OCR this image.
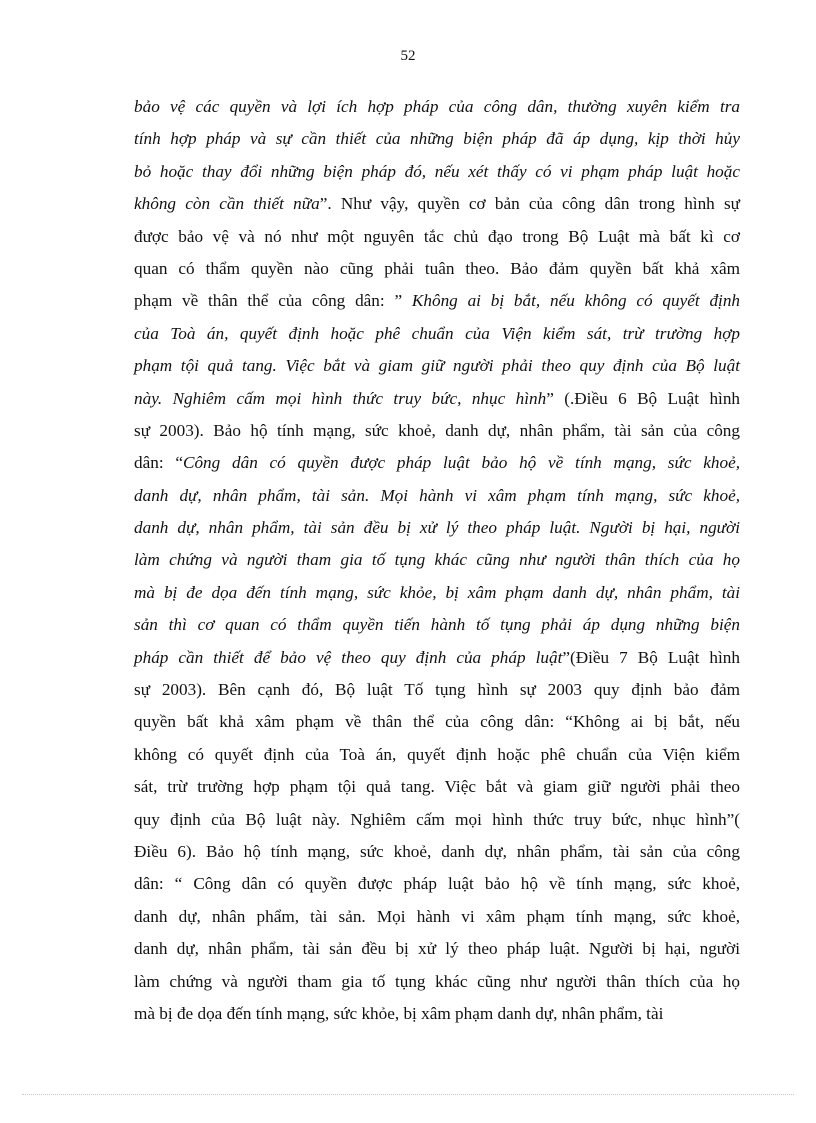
52
bảo vệ các quyền và lợi ích hợp pháp của công dân, thường xuyên kiểm tra
tính hợp pháp và sự cần thiết của những biện pháp đã áp dụng, kịp thời hủy
bỏ hoặc thay đổi những biện pháp đó, nếu xét thấy có vi phạm pháp luật hoặc
không còn cần thiết nữa”. Như vậy, quyền cơ bản của công dân trong hình sự
được bảo vệ và nó như một nguyên tắc chủ đạo trong Bộ Luật mà bất kì cơ
quan có thẩm quyền nào cũng phải tuân theo. Bảo đảm quyền bất khả xâm
phạm về thân thể của công dân: ” Không ai bị bắt, nếu không có quyết định
của Toà án, quyết định hoặc phê chuẩn của Viện kiểm sát, trừ trường hợp
phạm tội quả tang. Việc bắt và giam giữ người phải theo quy định của Bộ luật
này. Nghiêm cấm mọi hình thức truy bức, nhục hình” (.Điều 6 Bộ Luật hình
sự 2003). Bảo hộ tính mạng, sức khoẻ, danh dự, nhân phẩm, tài sản của công
dân: “Công dân có quyền được pháp luật bảo hộ về tính mạng, sức khoẻ,
danh dự, nhân phẩm, tài sản. Mọi hành vi xâm phạm tính mạng, sức khoẻ,
danh dự, nhân phẩm, tài sản đều bị xử lý theo pháp luật. Người bị hại, người
làm chứng và người tham gia tố tụng khác cũng như người thân thích của họ
mà bị đe dọa đến tính mạng, sức khỏe, bị xâm phạm danh dự, nhân phẩm, tài
sản thì cơ quan có thẩm quyền tiến hành tố tụng phải áp dụng những biện
pháp cần thiết để bảo vệ theo quy định của pháp luật”(Điều 7 Bộ Luật hình
sự 2003). Bên cạnh đó, Bộ luật Tố tụng hình sự 2003 quy định bảo đảm
quyền bất khả xâm phạm về thân thể của công dân: “Không ai bị bắt, nếu
không có quyết định của Toà án, quyết định hoặc phê chuẩn của Viện kiểm
sát, trừ trường hợp phạm tội quả tang. Việc bắt và giam giữ người phải theo
quy định của Bộ luật này. Nghiêm cấm mọi hình thức truy bức, nhục hình”(
Điều 6). Bảo hộ tính mạng, sức khoẻ, danh dự, nhân phẩm, tài sản của công
dân: “ Công dân có quyền được pháp luật bảo hộ về tính mạng, sức khoẻ,
danh dự, nhân phẩm, tài sản. Mọi hành vi xâm phạm tính mạng, sức khoẻ,
danh dự, nhân phẩm, tài sản đều bị xử lý theo pháp luật. Người bị hại, người
làm chứng và người tham gia tố tụng khác cũng như người thân thích của họ
mà bị đe dọa đến tính mạng, sức khỏe, bị xâm phạm danh dự, nhân phẩm, tài
